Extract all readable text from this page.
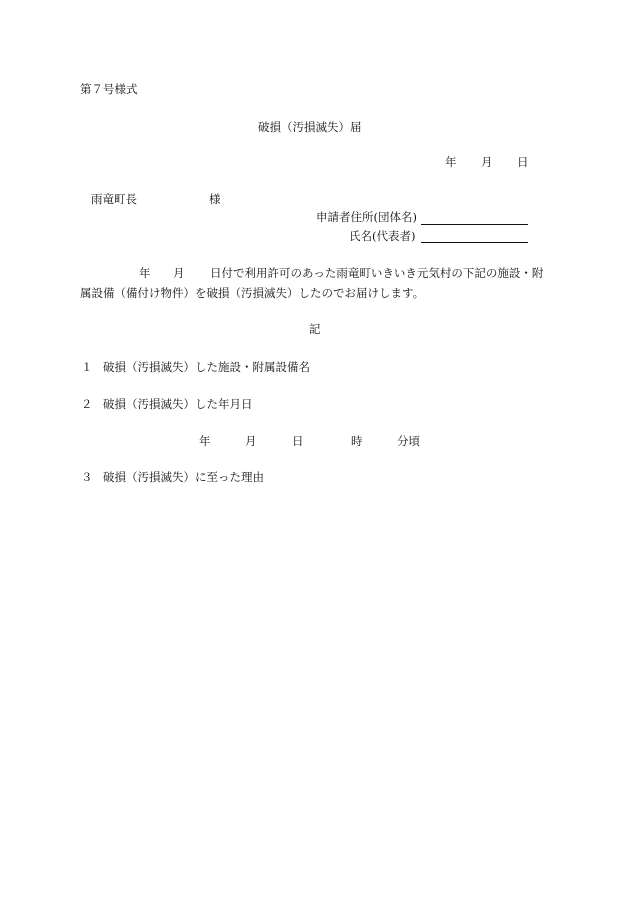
第７号様式
破損（汚損滅失）届
年 月 日
雨竜町長	様
申請者住所(団体名)
氏名(代表者)
年 月 日付で利用許可のあった雨竜町いきいき元気村の下記の施設・附
属設備（備付け物件）を破損（汚損滅失）したのでお届けします。
記
１ 破損（汚損滅失）した施設・附属設備名
２ 破損（汚損滅失）した年月日
年	月	日	時	分頃
３ 破損（汚損滅失）に至った理由
